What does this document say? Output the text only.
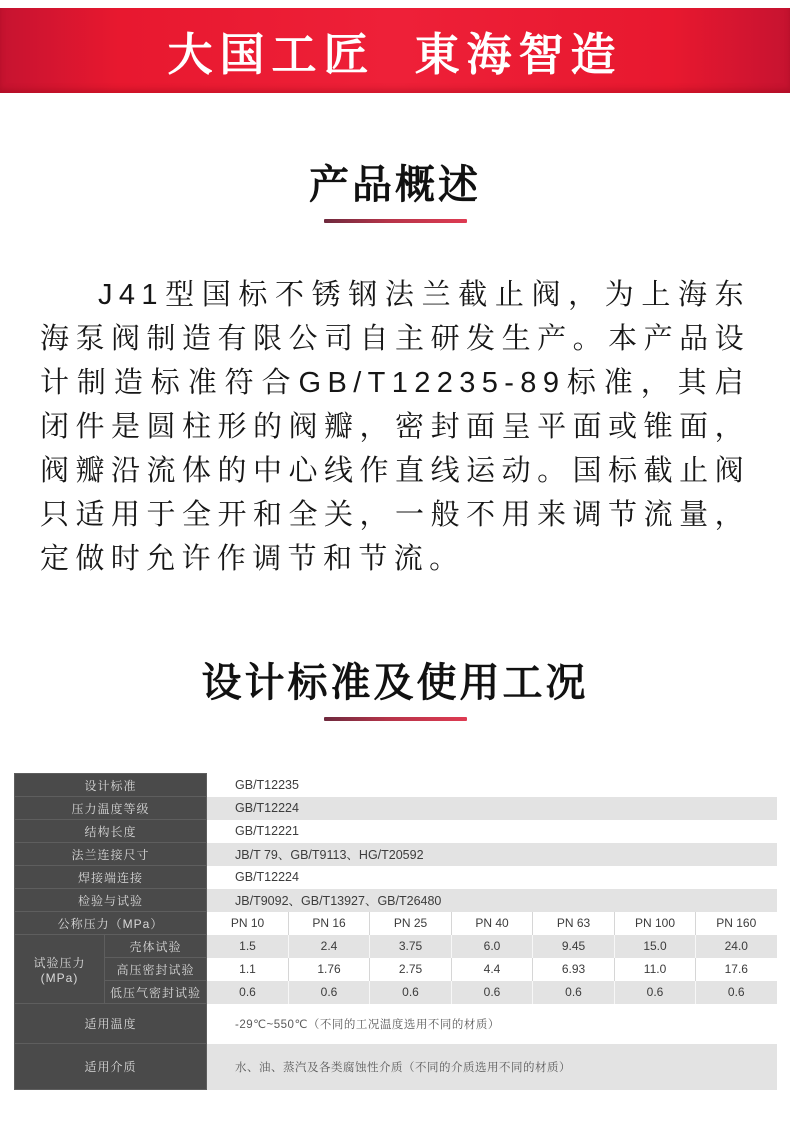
大国工匠  東海智造
产品概述

J41型国标不锈钢法兰截止阀，为上海东海泵阀制造有限公司自主研发生产。本产品设计制造标准符合GB/T12235-89标准，其启闭件是圆柱形的阀瓣，密封面呈平面或锥面，阀瓣沿流体的中心线作直线运动。国标截止阀只适用于全开和全关，一般不用来调节流量，定做时允许作调节和节流。

设计标准及使用工况
设计标准		GB/T12235						
压力温度等级		GB/T12224						
结构长度		GB/T12221						
法兰连接尺寸		JB/T 79、GB/T9113、HG/T20592						
焊接端连接		GB/T12224						
检验与试验		JB/T9092、GB/T13927、GB/T26480						
公称压力（MPa）		PN 10	PN 16	PN 25	PN 40	PN 63	PN 100	PN 160
试验压力(MPa)	壳体试验	1.5	2.4	3.75	6.0	9.45	15.0	24.0
	高压密封试验	1.1	1.76	2.75	4.4	6.93	11.0	17.6
	低压气密封试验	0.6	0.6	0.6	0.6	0.6	0.6	0.6
适用温度		-29℃~550℃（不同的工况温度选用不同的材质）						
适用介质		水、油、蒸汽及各类腐蚀性介质（不同的介质选用不同的材质）						
